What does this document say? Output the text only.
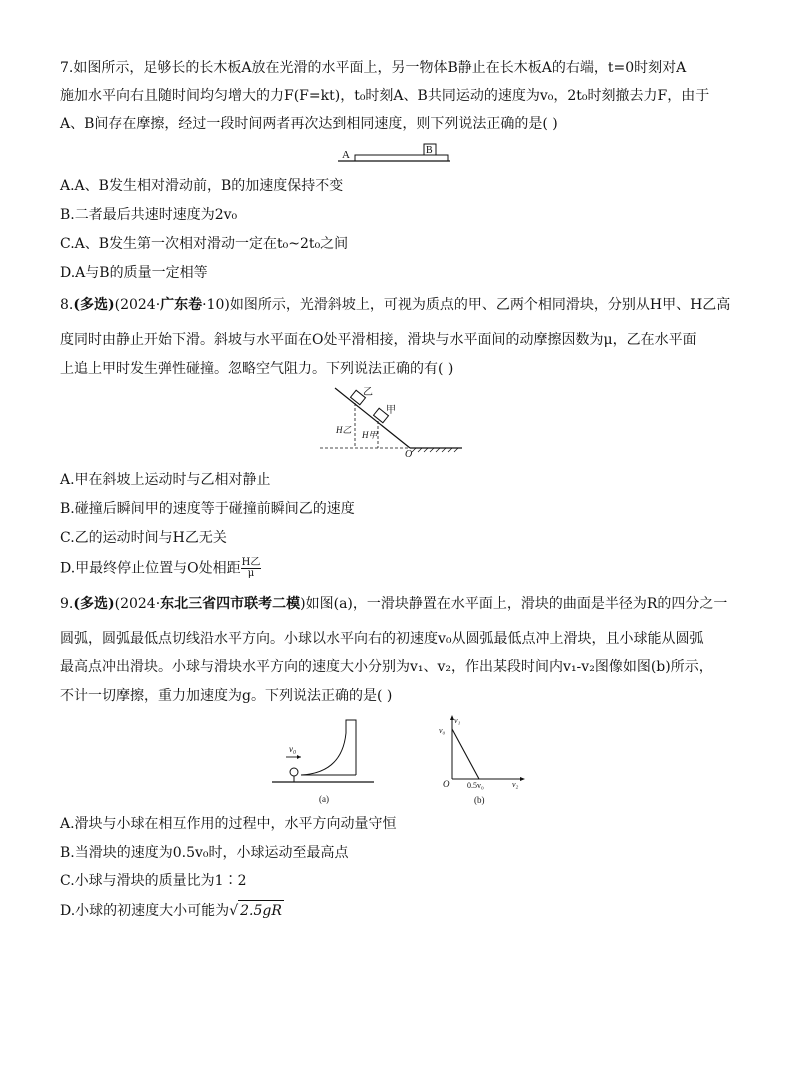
7.如图所示，足够长的长木板A放在光滑的水平面上，另一物体B静止在长木板A的右端，t=0时刻对A
施加水平向右且随时间均匀增大的力F(F=kt)，t₀时刻A、B共同运动的速度为v₀，2t₀时刻撤去力F，由于
A、B间存在摩擦，经过一段时间两者再次达到相同速度，则下列说法正确的是( )
A	B
A.A、B发生相对滑动前，B的加速度保持不变
B.二者最后共速时速度为2v₀
C.A、B发生第一次相对滑动一定在t₀~2t₀之间
D.A与B的质量一定相等
8.(多选)(2024·广东卷·10)如图所示，光滑斜坡上，可视为质点的甲、乙两个相同滑块，分别从H甲、H乙高
度同时由静止开始下滑。斜坡与水平面在O处平滑相接，滑块与水平面间的动摩擦因数为μ，乙在水平面
上追上甲时发生弹性碰撞。忽略空气阻力。下列说法正确的有( )
乙
甲
H乙 H甲
O
A.甲在斜坡上运动时与乙相对静止
B.碰撞后瞬间甲的速度等于碰撞前瞬间乙的速度
C.乙的运动时间与H乙无关
D.甲最终停止位置与O处相距 $\frac{\text{H乙}}{\mu}$
9.(多选)(2024·东北三省四市联考二模)如图(a)，一滑块静置在水平面上，滑块的曲面是半径为R的四分之一
圆弧，圆弧最低点切线沿水平方向。小球以水平向右的初速度v₀从圆弧最低点冲上滑块，且小球能从圆弧
最高点冲出滑块。小球与滑块水平方向的速度大小分别为v₁、v₂，作出某段时间内v₁-v₂图像如图(b)所示，
不计一切摩擦，重力加速度为g。下列说法正确的是( )
v₀
(a)
v₁
v₀
O 0.5v₀	v₂
(b)
A.滑块与小球在相互作用的过程中，水平方向动量守恒
B.当滑块的速度为0.5v₀时，小球运动至最高点
C.小球与滑块的质量比为1∶2
D.小球的初速度大小可能为√ 2.5gR
